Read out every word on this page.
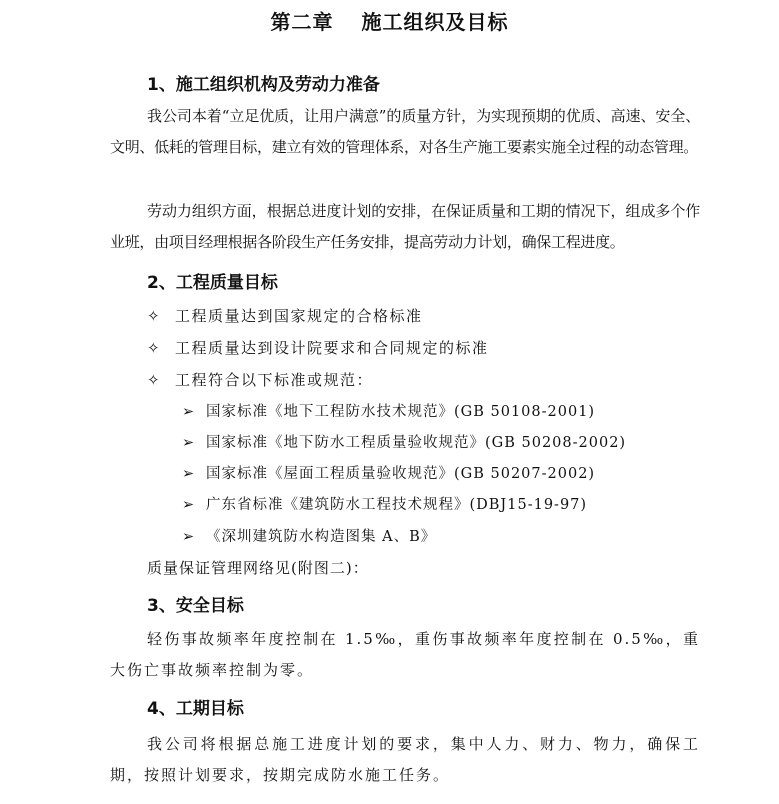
第二章 施工组织及目标
1、施工组织机构及劳动力准备
我公司本着“立足优质，让用户满意”的质量方针，为实现预期的优质、高速、安全、文明、低耗的管理目标，建立有效的管理体系，对各生产施工要素实施全过程的动态管理。
劳动力组织方面，根据总进度计划的安排，在保证质量和工期的情况下，组成多个作业班，由项目经理根据各阶段生产任务安排，提高劳动力计划，确保工程进度。
2、工程质量目标
✧ 工程质量达到国家规定的合格标准
✧ 工程质量达到设计院要求和合同规定的标准
✧ 工程符合以下标准或规范：
➢ 国家标准《地下工程防水技术规范》(GB 50108-2001)
➢ 国家标准《地下防水工程质量验收规范》(GB 50208-2002)
➢ 国家标准《屋面工程质量验收规范》(GB 50207-2002)
➢ 广东省标准《建筑防水工程技术规程》(DBJ15-19-97)
➢ 《深圳建筑防水构造图集 A、B》
质量保证管理网络见(附图二)：
3、安全目标
轻伤事故频率年度控制在 1.5‰，重伤事故频率年度控制在 0.5‰，重大伤亡事故频率控制为零。
4、工期目标
我公司将根据总施工进度计划的要求，集中人力、财力、物力，确保工期，按照计划要求，按期完成防水施工任务。
